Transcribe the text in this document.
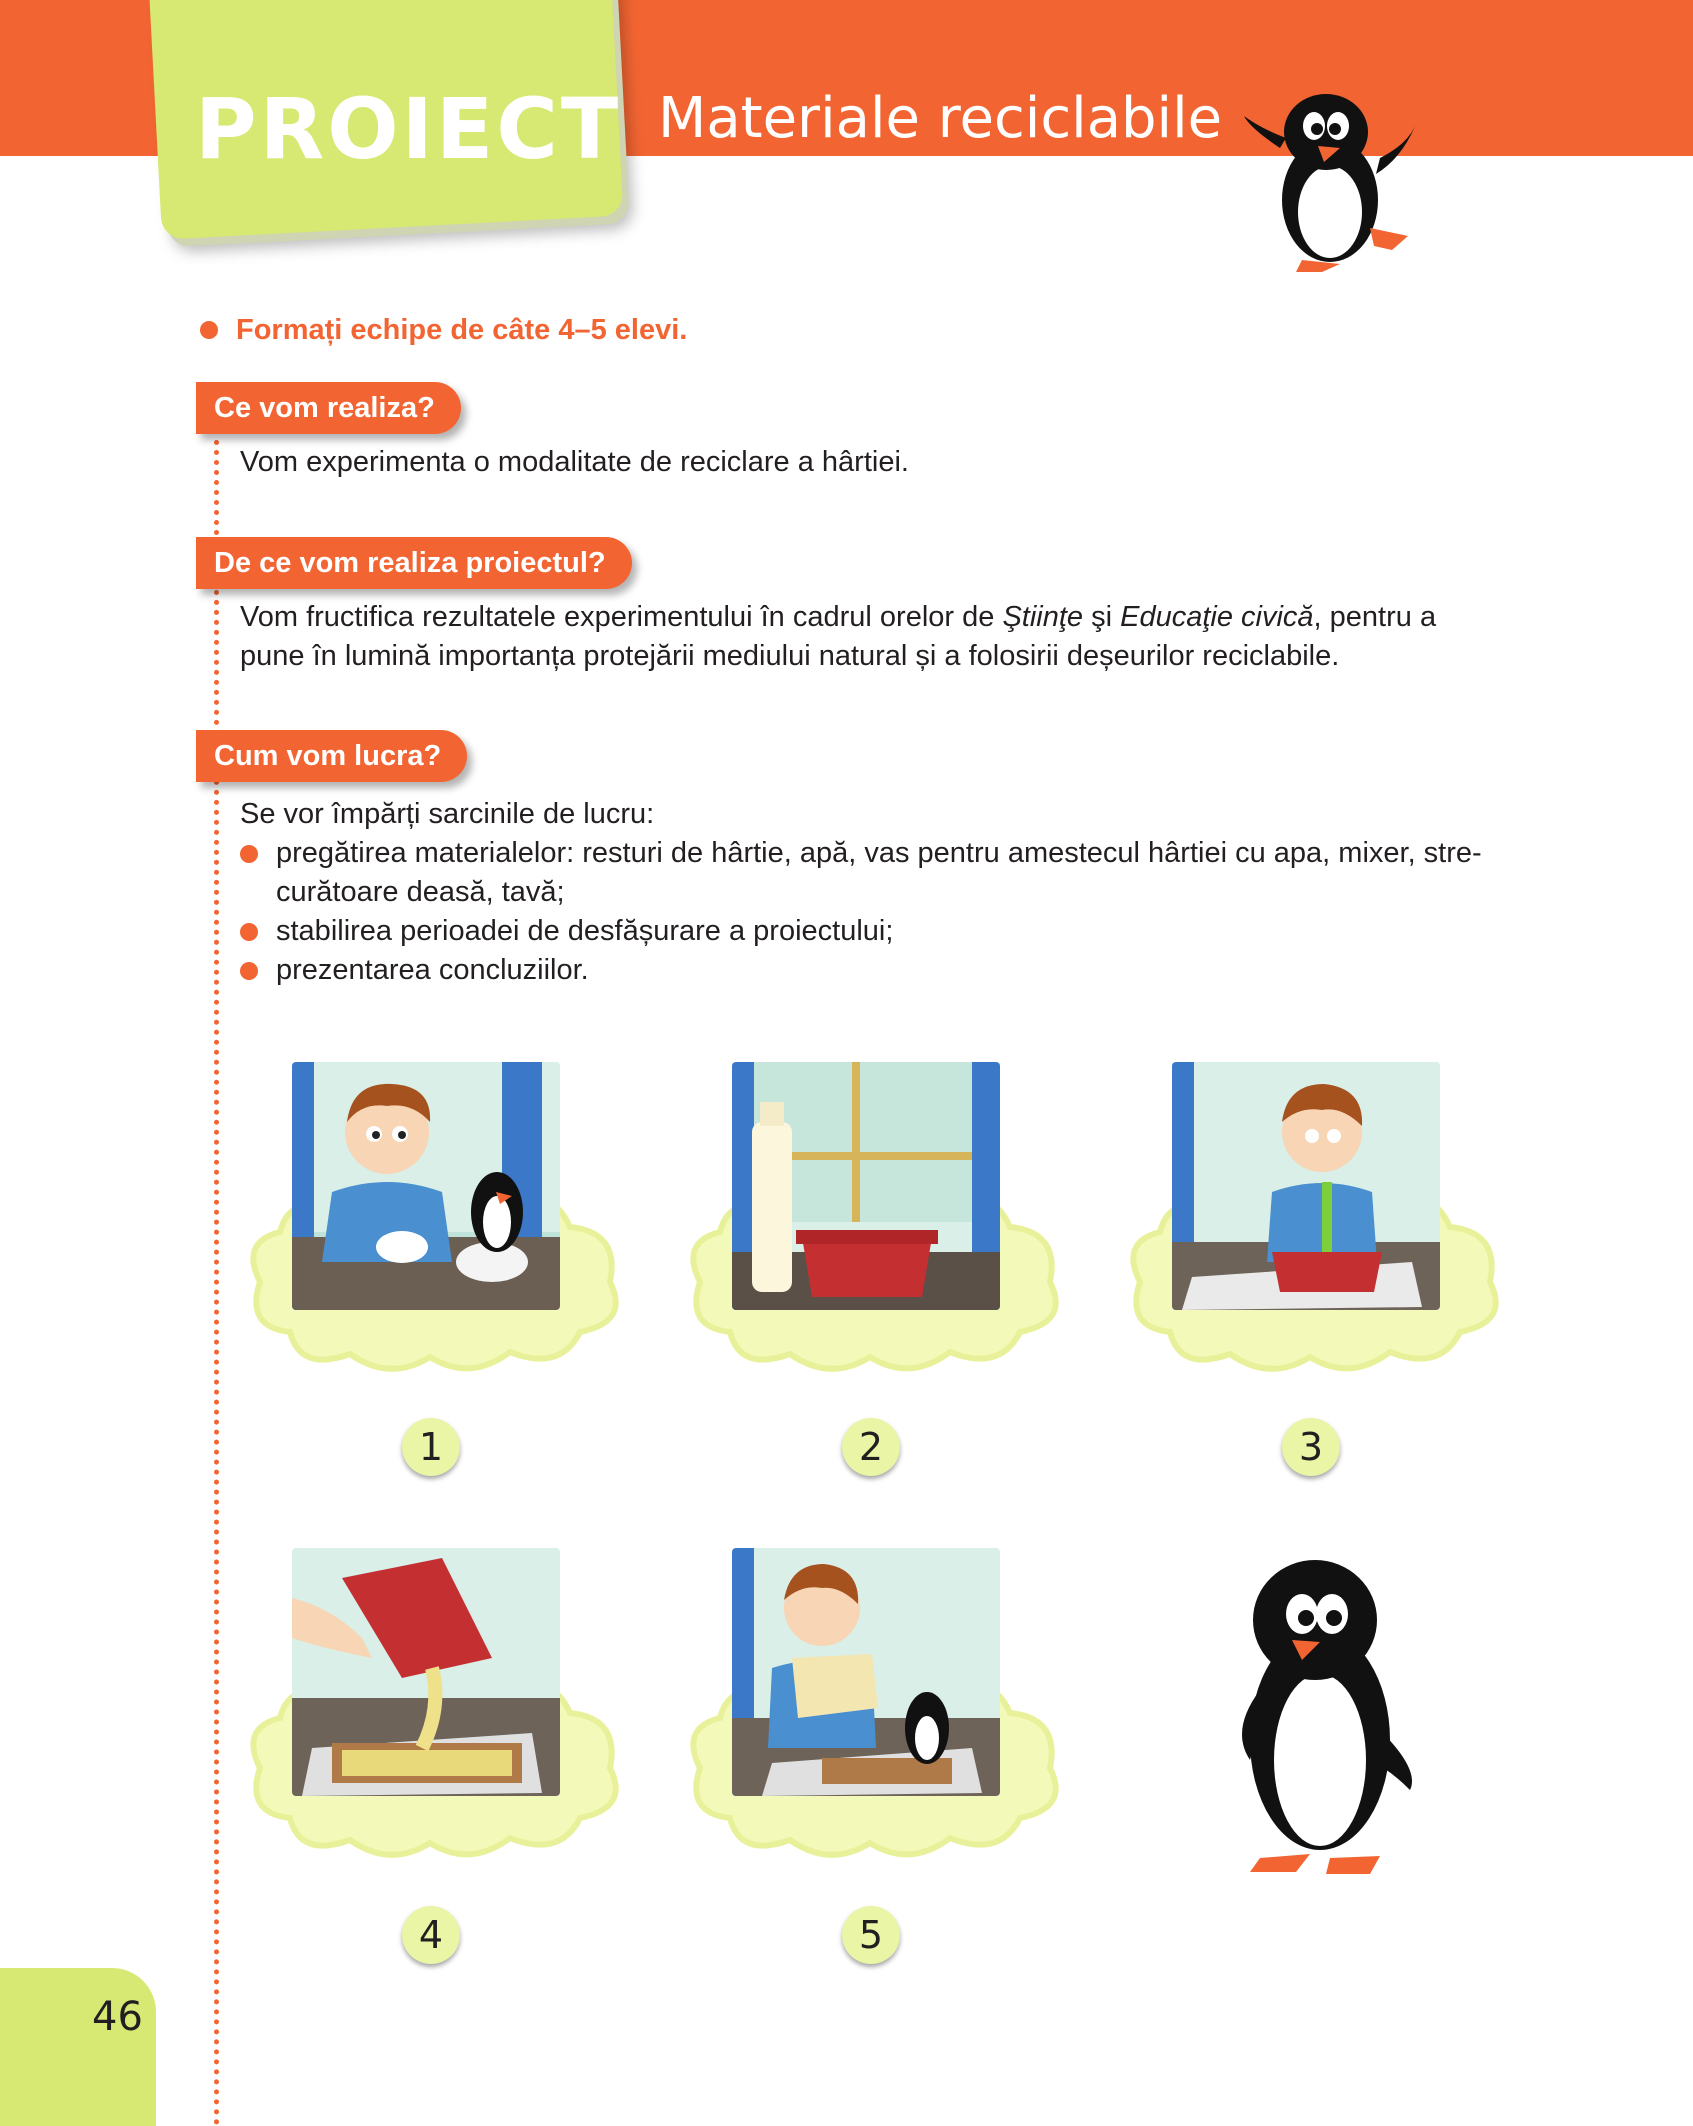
PROIECT Materiale reciclabile
Formați echipe de câte 4–5 elevi.
Ce vom realiza?
Vom experimenta o modalitate de reciclare a hârtiei.
De ce vom realiza proiectul?
Vom fructifica rezultatele experimentului în cadrul orelor de Ştiinţe şi Educaţie civică, pentru a
pune în lumină importanța protejării mediului natural și a folosirii deșeurilor reciclabile.
Cum vom lucra?
Se vor împărți sarcinile de lucru:
pregătirea materialelor: resturi de hârtie, apă, vas pentru amestecul hârtiei cu apa, mixer, stre-curătoare deasă, tavă;
stabilirea perioadei de desfășurare a proiectului;
prezentarea concluziilor.
1	2	3
4	5
46
